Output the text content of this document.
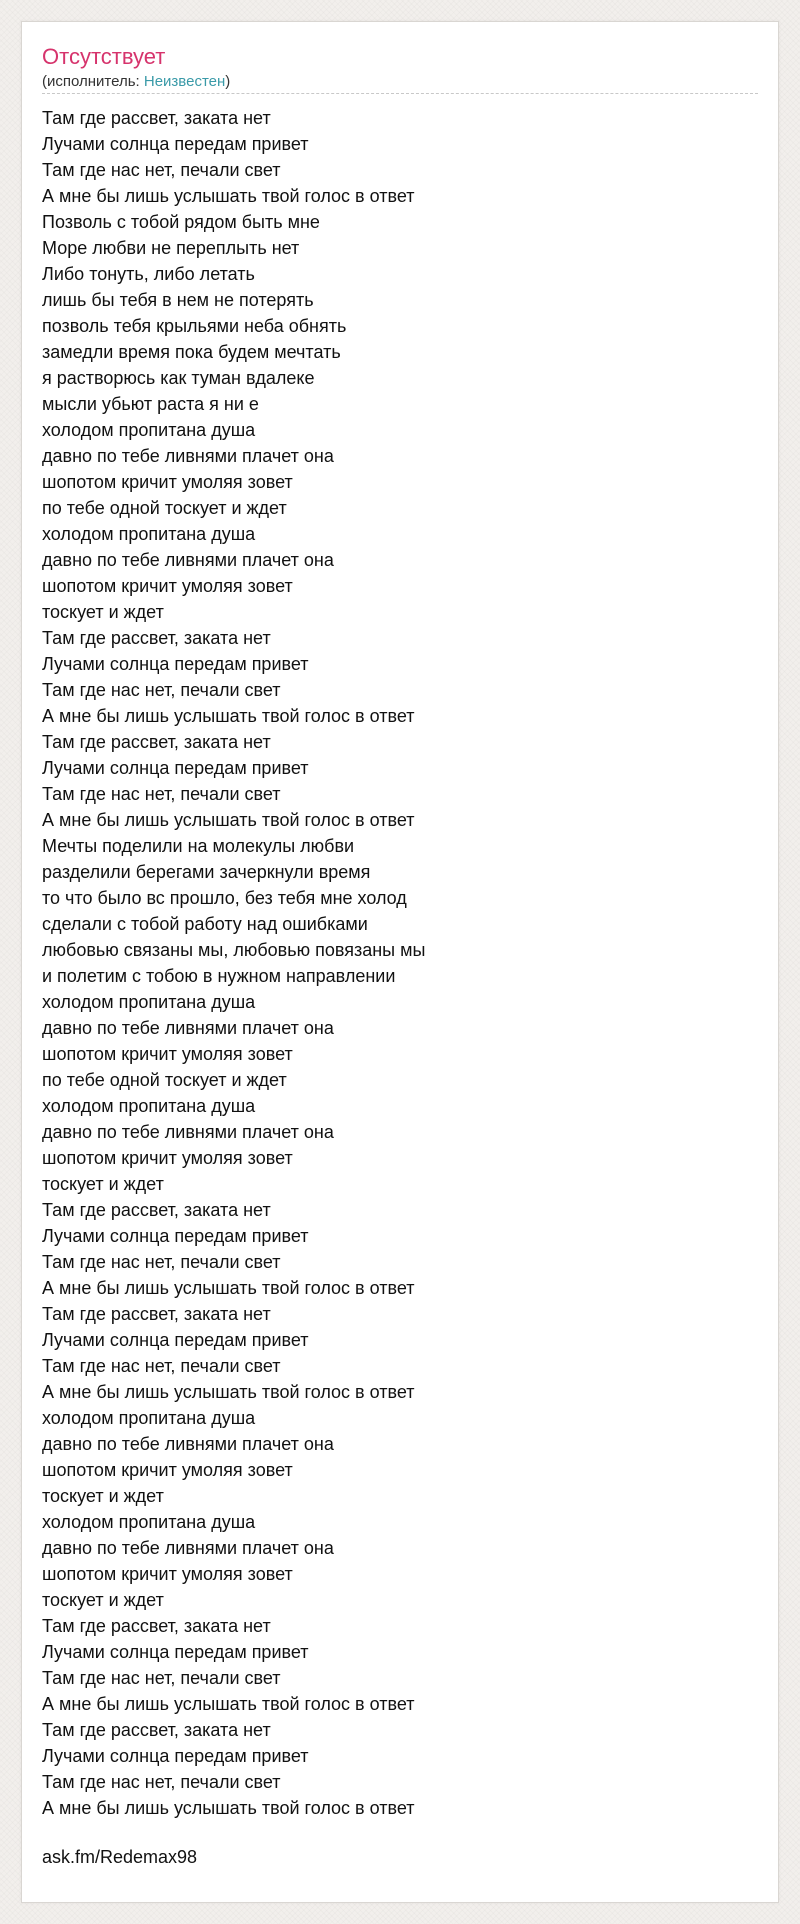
Отсутствует
(исполнитель: Неизвестен)
Там где рассвет, заката нет
Лучами солнца передам привет
Там где нас нет, печали свет
А мне бы лишь услышать твой голос в ответ
Позволь с тобой рядом быть мне
Море любви не переплыть нет
Либо тонуть, либо летать
лишь бы тебя в нем не потерять
позволь тебя крыльями неба обнять
замедли время пока будем мечтать
я растворюсь как туман вдалеке
мысли убьют раста я ни е
холодом пропитана душа
давно по тебе ливнями плачет она
шопотом кричит умоляя зовет
по тебе одной тоскует и ждет
холодом пропитана душа
давно по тебе ливнями плачет она
шопотом кричит умоляя зовет
тоскует и ждет
Там где рассвет, заката нет
Лучами солнца передам привет
Там где нас нет, печали свет
А мне бы лишь услышать твой голос в ответ
Там где рассвет, заката нет
Лучами солнца передам привет
Там где нас нет, печали свет
А мне бы лишь услышать твой голос в ответ
Мечты поделили на молекулы любви
разделили берегами зачеркнули время
то что было вс прошло, без тебя мне холод
сделали с тобой работу над ошибками
любовью связаны мы, любовью повязаны мы
и полетим с тобою в нужном направлении
холодом пропитана душа
давно по тебе ливнями плачет она
шопотом кричит умоляя зовет
по тебе одной тоскует и ждет
холодом пропитана душа
давно по тебе ливнями плачет она
шопотом кричит умоляя зовет
тоскует и ждет
Там где рассвет, заката нет
Лучами солнца передам привет
Там где нас нет, печали свет
А мне бы лишь услышать твой голос в ответ
Там где рассвет, заката нет
Лучами солнца передам привет
Там где нас нет, печали свет
А мне бы лишь услышать твой голос в ответ
холодом пропитана душа
давно по тебе ливнями плачет она
шопотом кричит умоляя зовет
тоскует и ждет
холодом пропитана душа
давно по тебе ливнями плачет она
шопотом кричит умоляя зовет
тоскует и ждет
Там где рассвет, заката нет
Лучами солнца передам привет
Там где нас нет, печали свет
А мне бы лишь услышать твой голос в ответ
Там где рассвет, заката нет
Лучами солнца передам привет
Там где нас нет, печали свет
А мне бы лишь услышать твой голос в ответ
ask.fm/Redemax98
